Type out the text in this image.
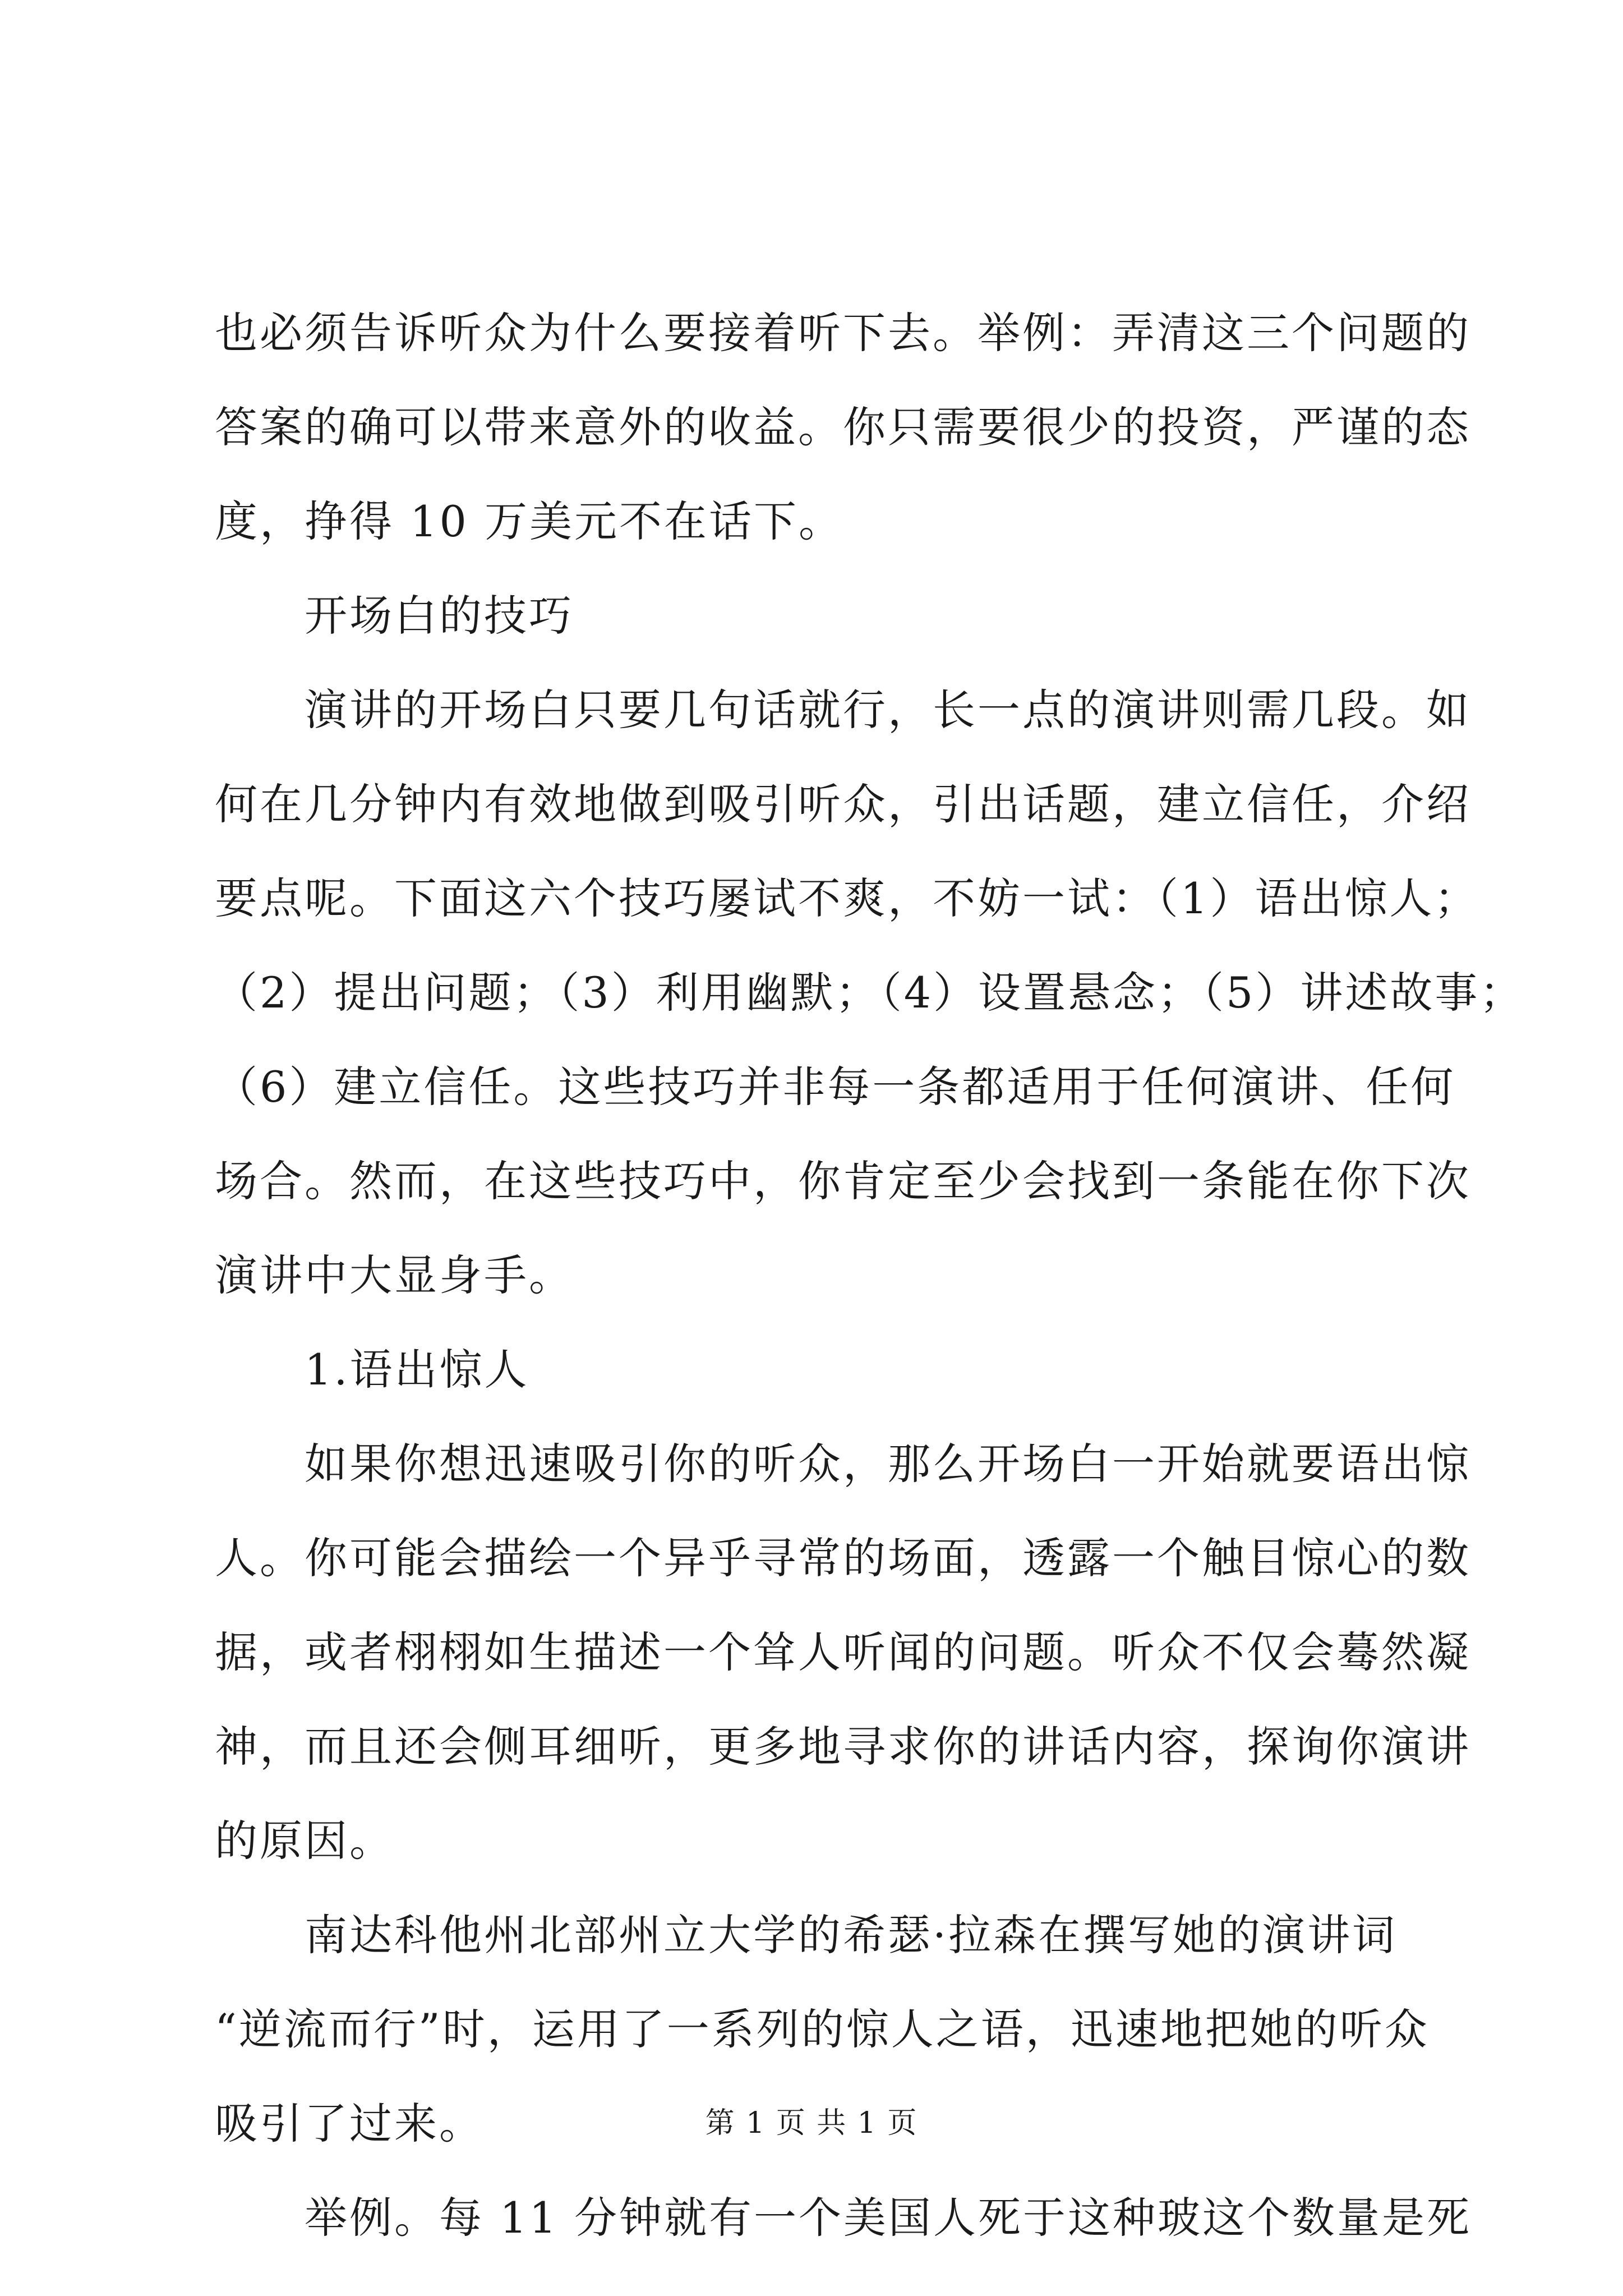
也必须告诉听众为什么要接着听下去。举例：弄清这三个问题的
答案的确可以带来意外的收益。你只需要很少的投资，严谨的态
度，挣得 10 万美元不在话下。
开场白的技巧
演讲的开场白只要几句话就行，长一点的演讲则需几段。如
何在几分钟内有效地做到吸引听众，引出话题，建立信任，介绍
要点呢。下面这六个技巧屡试不爽，不妨一试：（1）语出惊人；
（2）提出问题；（3）利用幽默；（4）设置悬念；（5）讲述故事；
（6）建立信任。这些技巧并非每一条都适用于任何演讲、任何
场合。然而，在这些技巧中，你肯定至少会找到一条能在你下次
演讲中大显身手。
1.语出惊人
如果你想迅速吸引你的听众，那么开场白一开始就要语出惊
人。你可能会描绘一个异乎寻常的场面，透露一个触目惊心的数
据，或者栩栩如生描述一个耸人听闻的问题。听众不仅会蓦然凝
神，而且还会侧耳细听，更多地寻求你的讲话内容，探询你演讲
的原因。
南达科他州北部州立大学的希瑟·拉森在撰写她的演讲词
“逆流而行”时，运用了一系列的惊人之语，迅速地把她的听众
吸引了过来。
举例。每 11 分钟就有一个美国人死于这种玻这个数量是死
第 1 页 共 1 页
